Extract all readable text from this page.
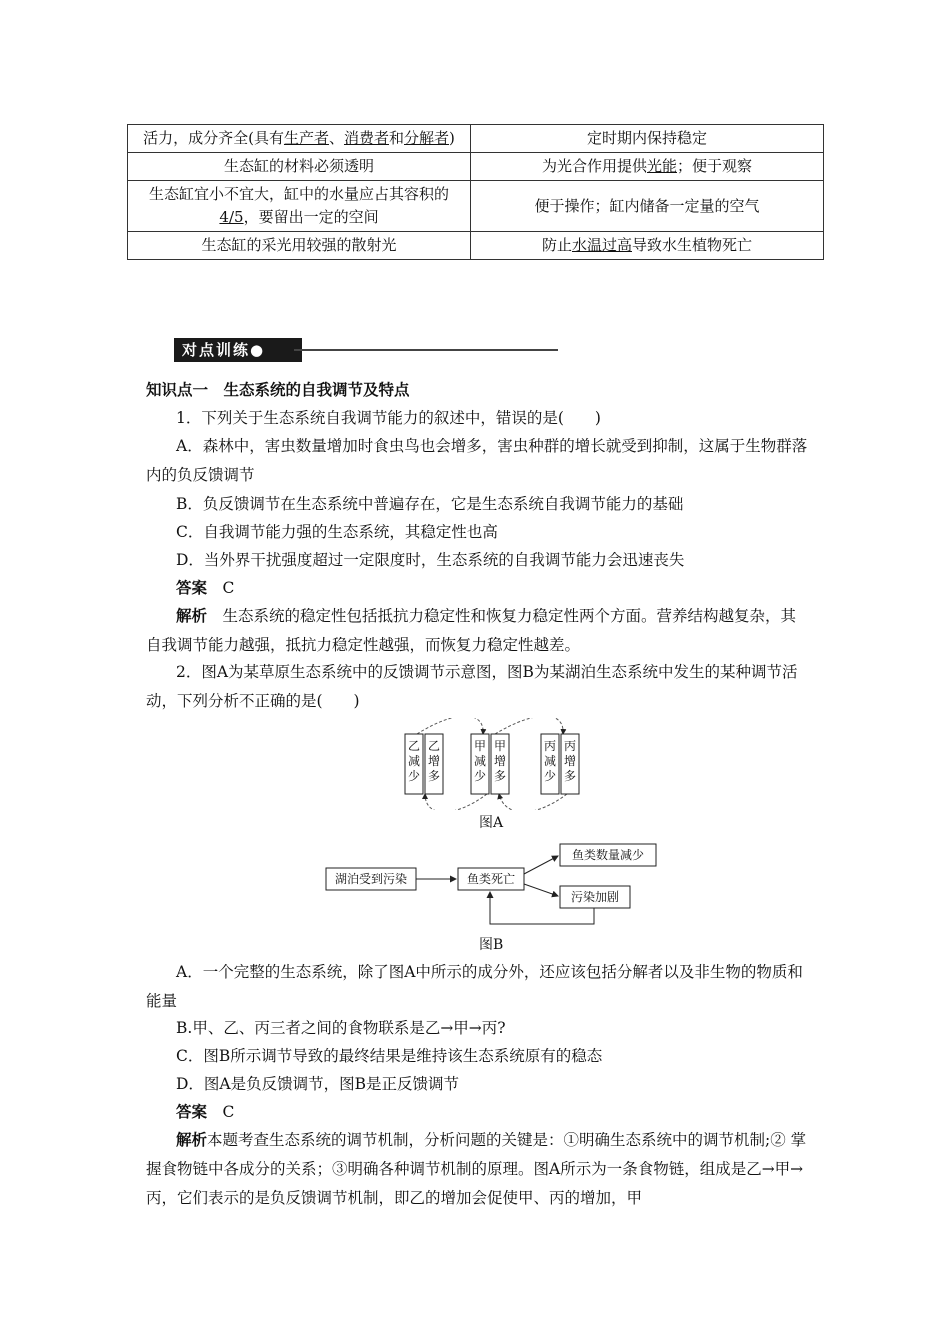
活力，成分齐全(具有生产者、消费者和分解者)	定时期内保持稳定
生态缸的材料必须透明	为光合作用提供光能；便于观察
生态缸宜小不宜大，缸中的水量应占其容积的4/5，要留出一定的空间	便于操作；缸内储备一定量的空气
生态缸的采光用较强的散射光	防止水温过高导致水生植物死亡
对点训练●
知识点一　生态系统的自我调节及特点
1．下列关于生态系统自我调节能力的叙述中，错误的是(　　)
A．森林中，害虫数量增加时食虫鸟也会增多，害虫种群的增长就受到抑制，这属于生物群落内的负反馈调节
B．负反馈调节在生态系统中普遍存在，它是生态系统自我调节能力的基础
C．自我调节能力强的生态系统，其稳定性也高
D．当外界干扰强度超过一定限度时，生态系统的自我调节能力会迅速丧失
答案　 C
解析　 生态系统的稳定性包括抵抗力稳定性和恢复力稳定性两个方面。营养结构越复杂，其自我调节能力越强，抵抗力稳定性越强，而恢复力稳定性越差。
2．图A为某草原生态系统中的反馈调节示意图，图B为某湖泊生态系统中发生的某种调节活动，下列分析不正确的是(　　)
乙减少
乙增多
甲减少
甲增多
丙减少
丙增多
图A
湖泊受到污染	鱼类死亡
鱼类数量减少
污染加剧
图B
A．一个完整的生态系统，除了图A中所示的成分外，还应该包括分解者以及非生物的物质和能量
B.甲、乙、丙三者之间的食物联系是乙→甲→丙?
C．图B所示调节导致的最终结果是维持该生态系统原有的稳态
D．图A是负反馈调节，图B是正反馈调节
答案　 C
解析本题考查生态系统的调节机制，分析问题的关键是：①明确生态系统中的调节机制;② 掌握食物链中各成分的关系；③明确各种调节机制的原理。图A所示为一条食物链，组成是乙→甲→丙，它们表示的是负反馈调节机制，即乙的增加会促使甲、丙的增加，甲
